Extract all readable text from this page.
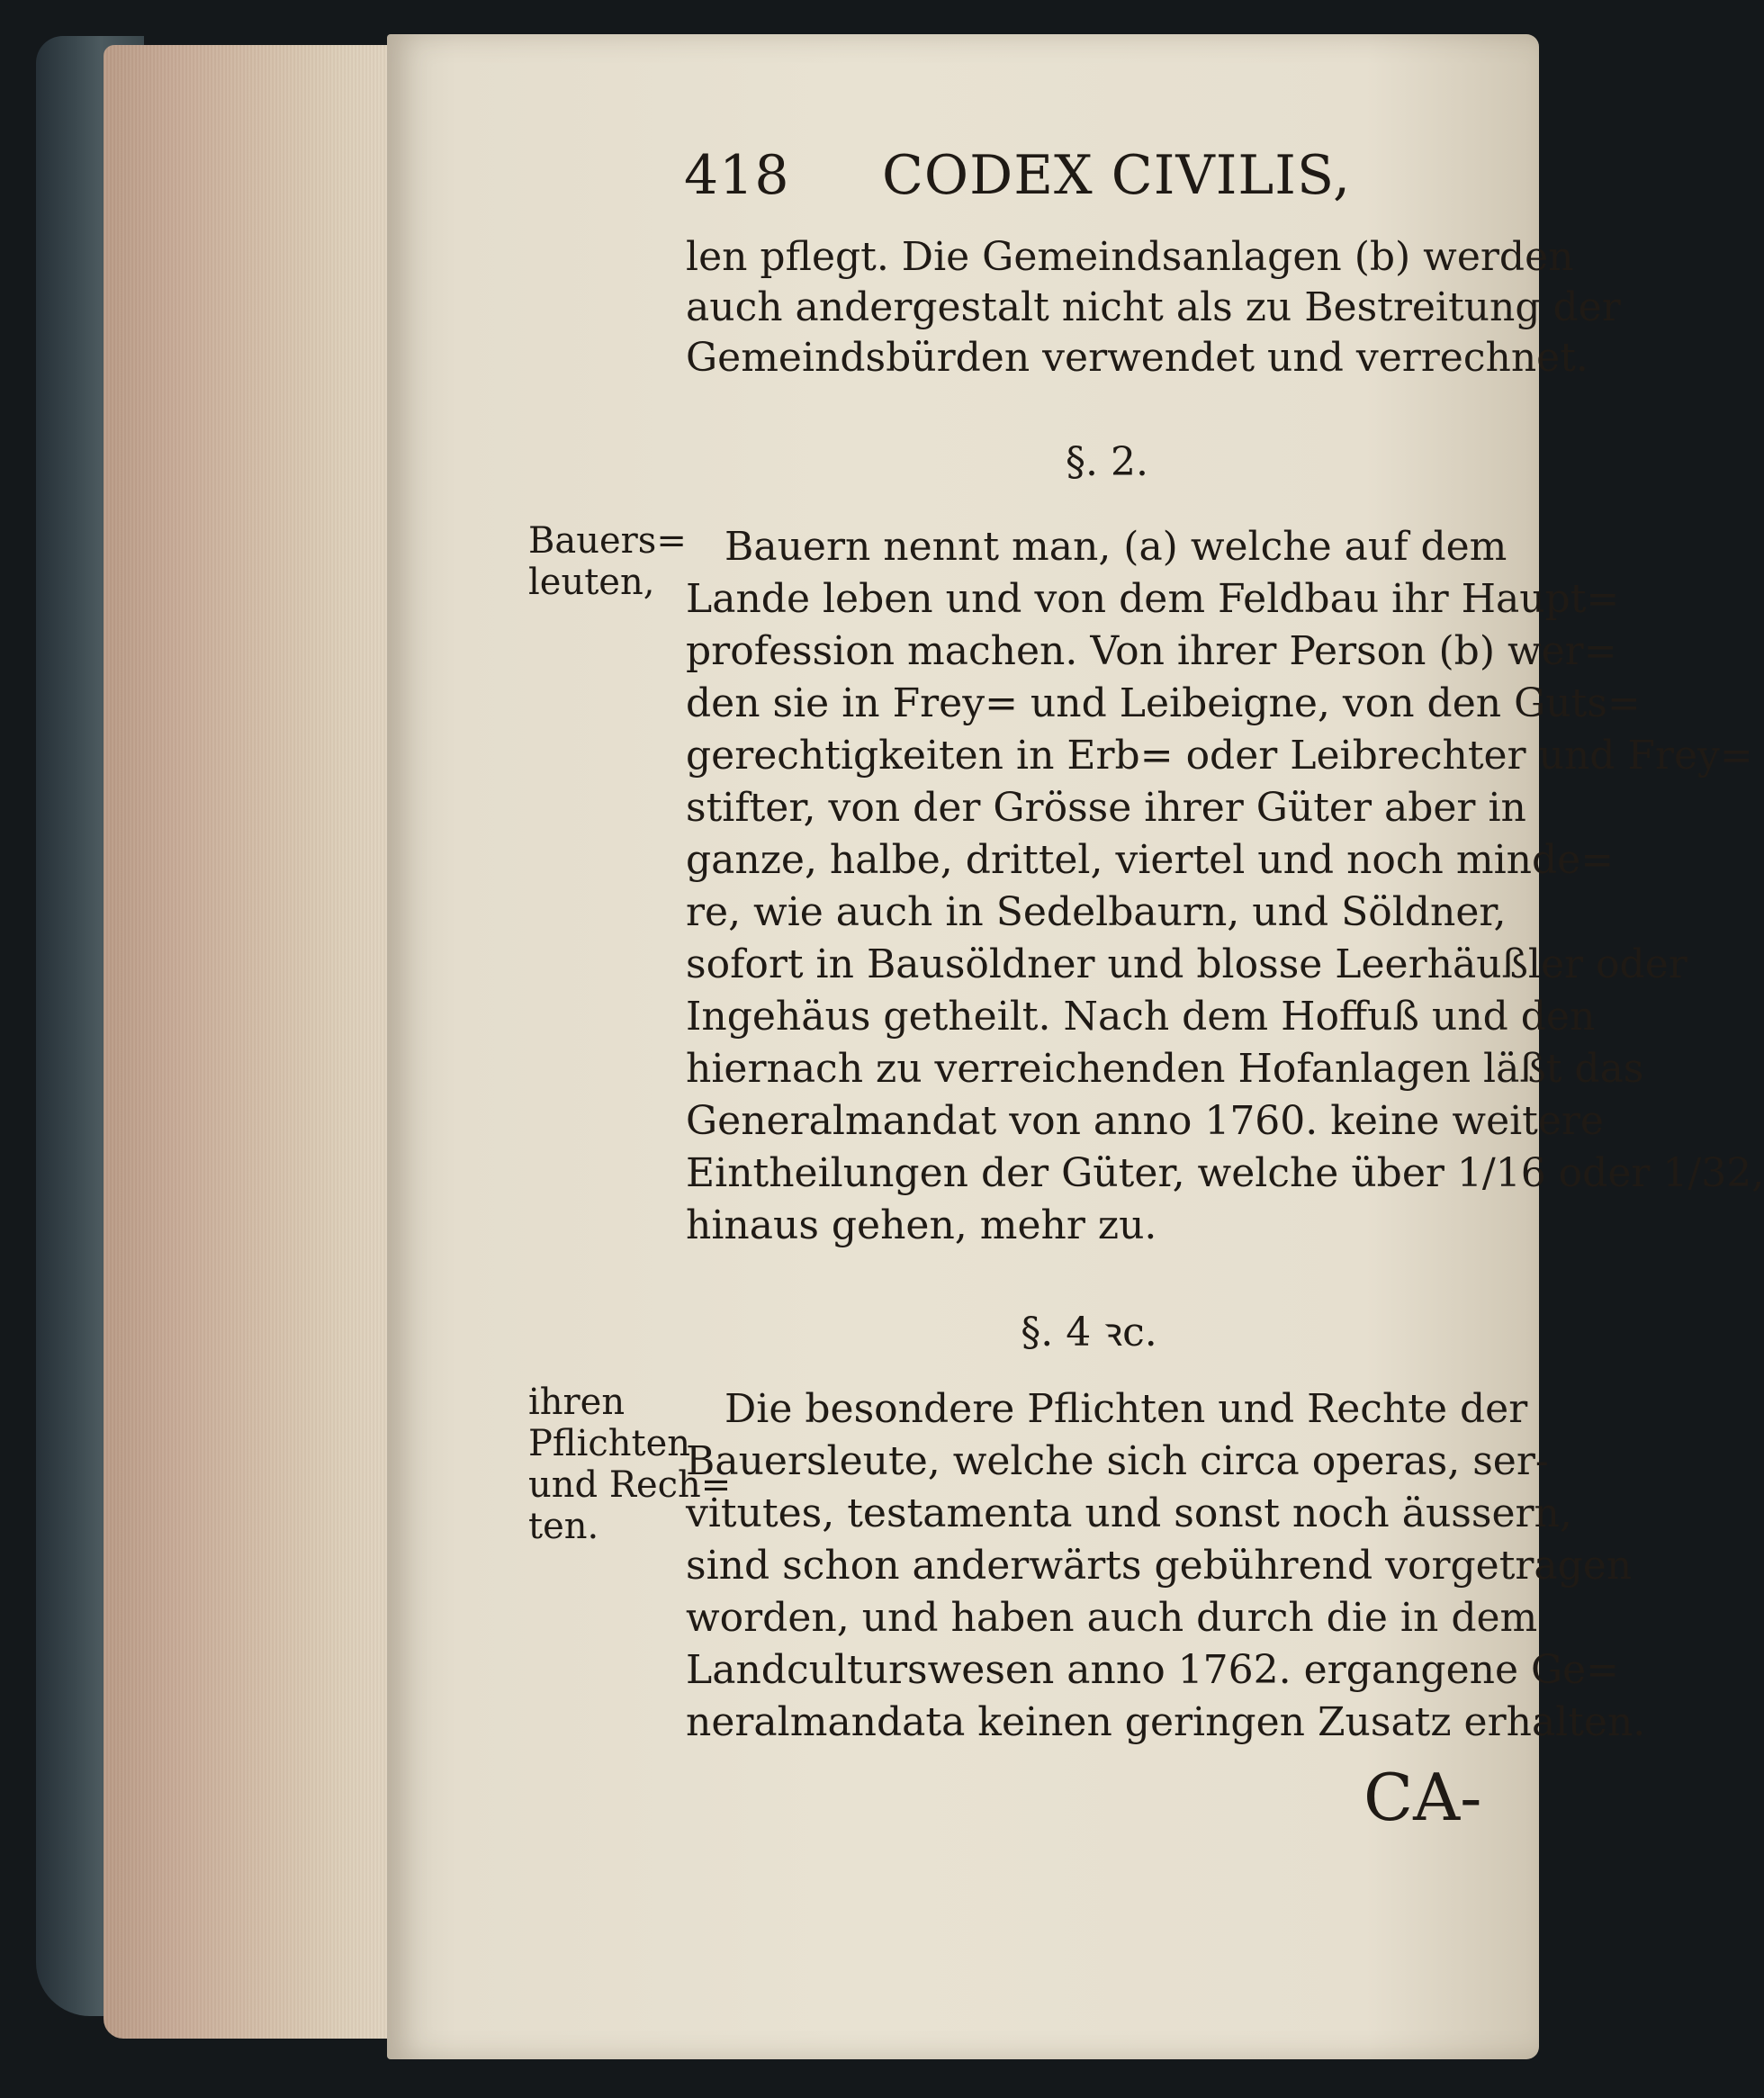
418 CODEX CIVILIS,
len pflegt. Die Gemeindsanlagen (b) werden
auch andergestalt nicht als zu Bestreitung der
Gemeindsbürden verwendet und verrechnet.
§. 2.
Bauers=
leuten,
Bauern nennt man, (a) welche auf dem
Lande leben und von dem Feldbau ihr Haupt=
profession machen. Von ihrer Person (b) wer=
den sie in Frey= und Leibeigne, von den Guts=
gerechtigkeiten in Erb= oder Leibrechter und Frey=
stifter, von der Grösse ihrer Güter aber in
ganze, halbe, drittel, viertel und noch minde=
re, wie auch in Sedelbaurn, und Söldner,
sofort in Bausöldner und blosse Leerhäußler oder
Ingehäus getheilt. Nach dem Hoffuß und den
hiernach zu verreichenden Hofanlagen läßt das
Generalmandat von anno 1760. keine weitere
Eintheilungen der Güter, welche über 1/16 oder 1/32,
hinaus gehen, mehr zu.
§. 4 ꝛc.
ihren
Pflichten
und Rech=
ten.
Die besondere Pflichten und Rechte der
Bauersleute, welche sich circa operas, ser-
vitutes, testamenta und sonst noch äussern,
sind schon anderwärts gebührend vorgetragen
worden, und haben auch durch die in dem
Landculturswesen anno 1762. ergangene Ge=
neralmandata keinen geringen Zusatz erhalten.
CA-
